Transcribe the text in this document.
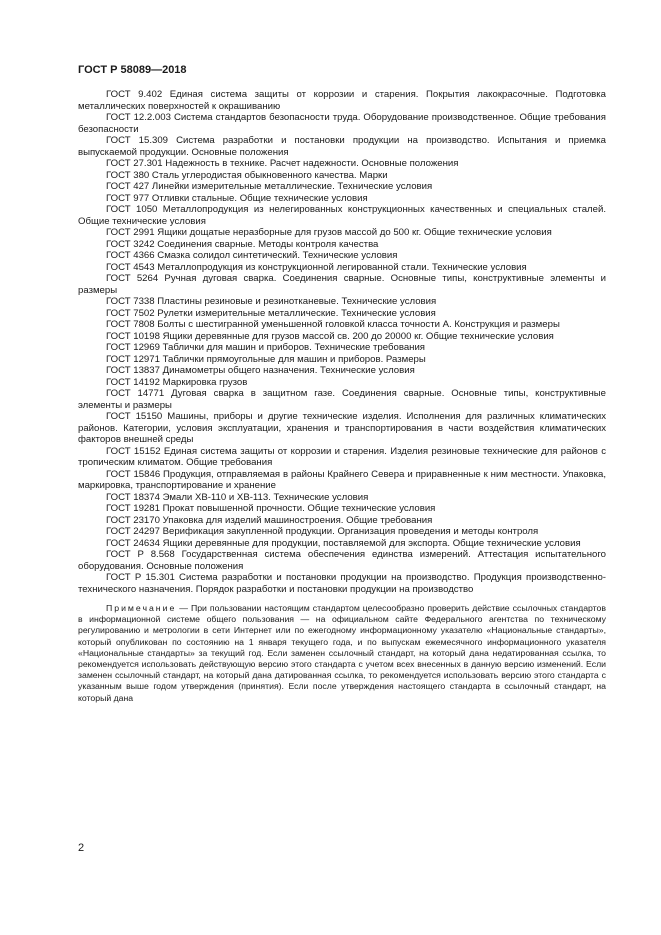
ГОСТ Р 58089—2018

ГОСТ 9.402 Единая система защиты от коррозии и старения. Покрытия лакокрасочные. Подготовка металлических поверхностей к окрашиванию

ГОСТ 12.2.003 Система стандартов безопасности труда. Оборудование производственное. Общие требования безопасности

ГОСТ 15.309 Система разработки и постановки продукции на производство. Испытания и приемка выпускаемой продукции. Основные положения

ГОСТ 27.301 Надежность в технике. Расчет надежности. Основные положения

ГОСТ 380 Сталь углеродистая обыкновенного качества. Марки

ГОСТ 427 Линейки измерительные металлические. Технические условия

ГОСТ 977 Отливки стальные. Общие технические условия

ГОСТ 1050 Металлопродукция из нелегированных конструкционных качественных и специальных сталей. Общие технические условия

ГОСТ 2991 Ящики дощатые неразборные для грузов массой до 500 кг. Общие технические условия

ГОСТ 3242 Соединения сварные. Методы контроля качества

ГОСТ 4366 Смазка солидол синтетический. Технические условия

ГОСТ 4543 Металлопродукция из конструкционной легированной стали. Технические условия

ГОСТ 5264 Ручная дуговая сварка. Соединения сварные. Основные типы, конструктивные элементы и размеры

ГОСТ 7338 Пластины резиновые и резинотканевые. Технические условия

ГОСТ 7502 Рулетки измерительные металлические. Технические условия

ГОСТ 7808 Болты с шестигранной уменьшенной головкой класса точности А. Конструкция и размеры

ГОСТ 10198 Ящики деревянные для грузов массой св. 200 до 20000 кг. Общие технические условия

ГОСТ 12969 Таблички для машин и приборов. Технические требования

ГОСТ 12971 Таблички прямоугольные для машин и приборов. Размеры

ГОСТ 13837 Динамометры общего назначения. Технические условия

ГОСТ 14192 Маркировка грузов

ГОСТ 14771 Дуговая сварка в защитном газе. Соединения сварные. Основные типы, конструктивные элементы и размеры

ГОСТ 15150 Машины, приборы и другие технические изделия. Исполнения для различных климатических районов. Категории, условия эксплуатации, хранения и транспортирования в части воздействия климатических факторов внешней среды

ГОСТ 15152 Единая система защиты от коррозии и старения. Изделия резиновые технические для районов с тропическим климатом. Общие требования

ГОСТ 15846 Продукция, отправляемая в районы Крайнего Севера и приравненные к ним местности. Упаковка, маркировка, транспортирование и хранение

ГОСТ 18374 Эмали ХВ-110 и ХВ-113. Технические условия

ГОСТ 19281 Прокат повышенной прочности. Общие технические условия

ГОСТ 23170 Упаковка для изделий машиностроения. Общие требования

ГОСТ 24297 Верификация закупленной продукции. Организация проведения и методы контроля

ГОСТ 24634 Ящики деревянные для продукции, поставляемой для экспорта. Общие технические условия

ГОСТ Р 8.568 Государственная система обеспечения единства измерений. Аттестация испытательного оборудования. Основные положения

ГОСТ Р 15.301 Система разработки и постановки продукции на производство. Продукция производственно-технического назначения. Порядок разработки и постановки продукции на производство

Примечание — При пользовании настоящим стандартом целесообразно проверить действие ссылочных стандартов в информационной системе общего пользования — на официальном сайте Федерального агентства по техническому регулированию и метрологии в сети Интернет или по ежегодному информационному указателю «Национальные стандарты», который опубликован по состоянию на 1 января текущего года, и по выпускам ежемесячного информационного указателя «Национальные стандарты» за текущий год. Если заменен ссылочный стандарт, на который дана недатированная ссылка, то рекомендуется использовать действующую версию этого стандарта с учетом всех внесенных в данную версию изменений. Если заменен ссылочный стандарт, на который дана датированная ссылка, то рекомендуется использовать версию этого стандарта с указанным выше годом утверждения (принятия). Если после утверждения настоящего стандарта в ссылочный стандарт, на который дана
2
